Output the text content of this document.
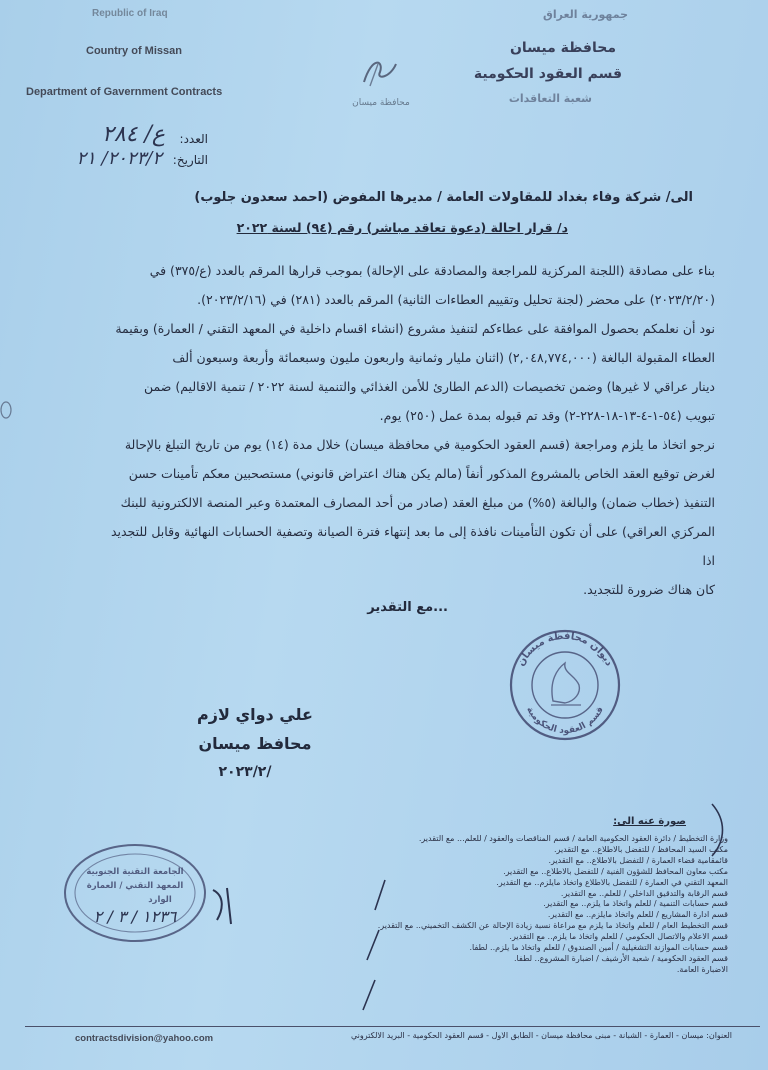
Republic of Iraq
Country of Missan
Department of Gavernment Contracts
جمهورية العراق
محافظة ميسان
قسم العقود الحكومية
شعبة التعاقدات
محافظة ميسان
العدد:
ع/ ٢٨٤
التاريخ:
٢٠٢٣/٢/ ٢١
الى/ شركة وفاء بغداد للمقاولات العامة / مديرها المفوض (احمد سعدون جلوب)
د/ قرار احالة (دعوة تعاقد مباشر) رقم (٩٤) لسنة ٢٠٢٢
بناء على مصادقة (اللجنة المركزية للمراجعة والمصادقة على الإحالة) بموجب قرارها المرقم بالعدد (ع/٣٧٥) في
(٢٠٢٣/٢/٢٠) على محضر (لجنة تحليل وتقييم العطاءات الثانية) المرقم بالعدد (٢٨١) في (٢٠٢٣/٢/١٦).
نود أن نعلمكم بحصول الموافقة على عطاءكم لتنفيذ مشروع (انشاء اقسام داخلية في المعهد التقني / العمارة) وبقيمة
العطاء المقبولة البالغة (٢,٠٤٨,٧٧٤,٠٠٠) (اثنان مليار وثمانية واربعون مليون وسبعمائة وأربعة وسبعون ألف
دينار عراقي لا غيرها) وضمن تخصيصات (الدعم الطارئ للأمن الغذائي والتنمية لسنة ٢٠٢٢ / تنمية الاقاليم) ضمن
تبويب (٥٤-١-٤-١٣-١٨-٢٢٨-٢) وقد تم قبوله بمدة عمل (٢٥٠) يوم.
نرجو اتخاذ ما يلزم ومراجعة (قسم العقود الحكومية في محافظة ميسان) خلال مدة (١٤) يوم من تاريخ التبلغ بالإحالة
لغرض توقيع العقد الخاص بالمشروع المذكور أنفاً (مالم يكن هناك اعتراض قانوني) مستصحبين معكم تأمينات حسن
التنفيذ (خطاب ضمان) والبالغة (٥%) من مبلغ العقد (صادر من أحد المصارف المعتمدة وعبر المنصة الالكترونية للبنك
المركزي العراقي) على أن تكون التأمينات نافذة إلى ما بعد إنتهاء فترة الصيانة وتصفية الحسابات النهائية وقابل للتجديد اذا
كان هناك ضرورة للتجديد.
...مع التقدير
علي دواي لازم
محافظ ميسان
٢٠٢٣/٢/
ديوان محافظة ميسان
قسم العقود الحكومية
الجامعة التقنية الجنوبية
المعهد التقني / العمارة
الوارد
١٢٣٦ / ٣ / ٢
صورة عنه الى:
وزارة التخطيط / دائرة العقود الحكومية العامة / قسم المناقصات والعقود / للعلم... مع التقدير.
مكتب السيد المحافظ / للتفضل بالاطلاع.. مع التقدير.
قائمقامية قضاء العمارة / للتفضل بالاطلاع.. مع التقدير.
مكتب معاون المحافظ للشؤون الفنية / للتفضل بالاطلاع.. مع التقدير.
المعهد التقني في العمارة / للتفضل بالاطلاع واتخاذ مايلزم.. مع التقدير.
قسم الرقابة والتدقيق الداخلي / للعلم.. مع التقدير.
قسم حسابات التنمية / للعلم واتخاذ ما يلزم.. مع التقدير.
قسم ادارة المشاريع / للعلم واتخاذ مايلزم.. مع التقدير.
قسم التخطيط العام / للعلم واتخاذ ما يلزم مع مراعاة نسبة زيادة الإحالة عن الكشف التخميني.. مع التقدير.
قسم الاعلام والاتصال الحكومي / للعلم واتخاذ ما يلزم.. مع التقدير.
قسم حسابات الموازنة التشغيلية / أمين الصندوق / للعلم واتخاذ ما يلزم.. لطفا.
قسم العقود الحكومية / شعبة الأرشيف / اضبارة المشروع.. لطفا.
الاضبارة العامة.
contractsdivision@yahoo.com	العنوان: ميسان - العمارة - الشبانة - مبنى محافظة ميسان - الطابق الاول - قسم العقود الحكومية - البريد الالكتروني
